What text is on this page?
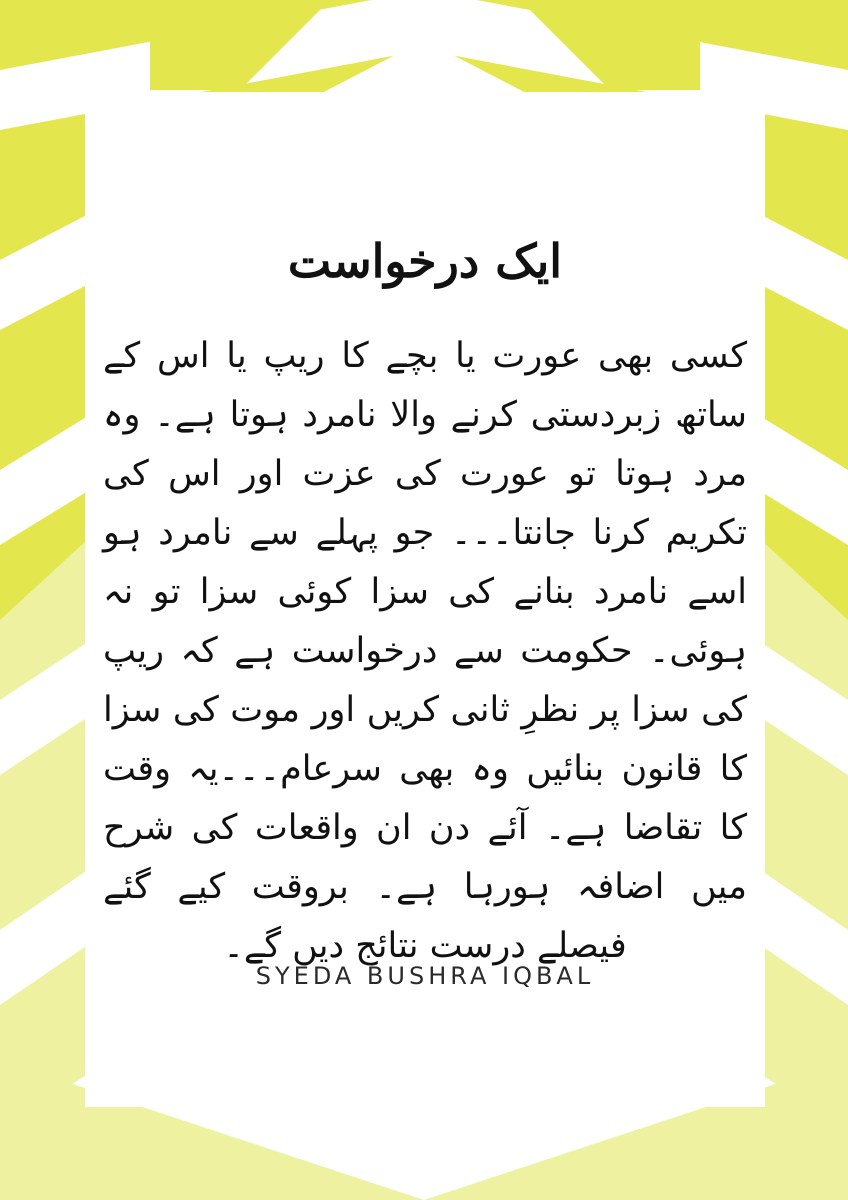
ایک درخواست
کسی بھی عورت یا بچے کا ریپ یا اس کے ساتھ زبردستی کرنے والا نامرد ہوتا ہے۔ وہ مرد ہوتا تو عورت کی عزت اور اس کی تکریم کرنا جانتا۔۔۔ جو پہلے سے نامرد ہو اسے نامرد بنانے کی سزا کوئی سزا تو نہ ہوئی۔ حکومت سے درخواست ہے کہ ریپ کی سزا پر نظرِ ثانی کریں اور موت کی سزا کا قانون بنائیں وہ بھی سرعام۔۔۔یہ وقت کا تقاضا ہے۔ آئے دن ان واقعات کی شرح میں اضافہ ہورہا ہے۔ بروقت کیے گئے فیصلے درست نتائج دیں گے۔
SYEDA BUSHRA IQBAL
